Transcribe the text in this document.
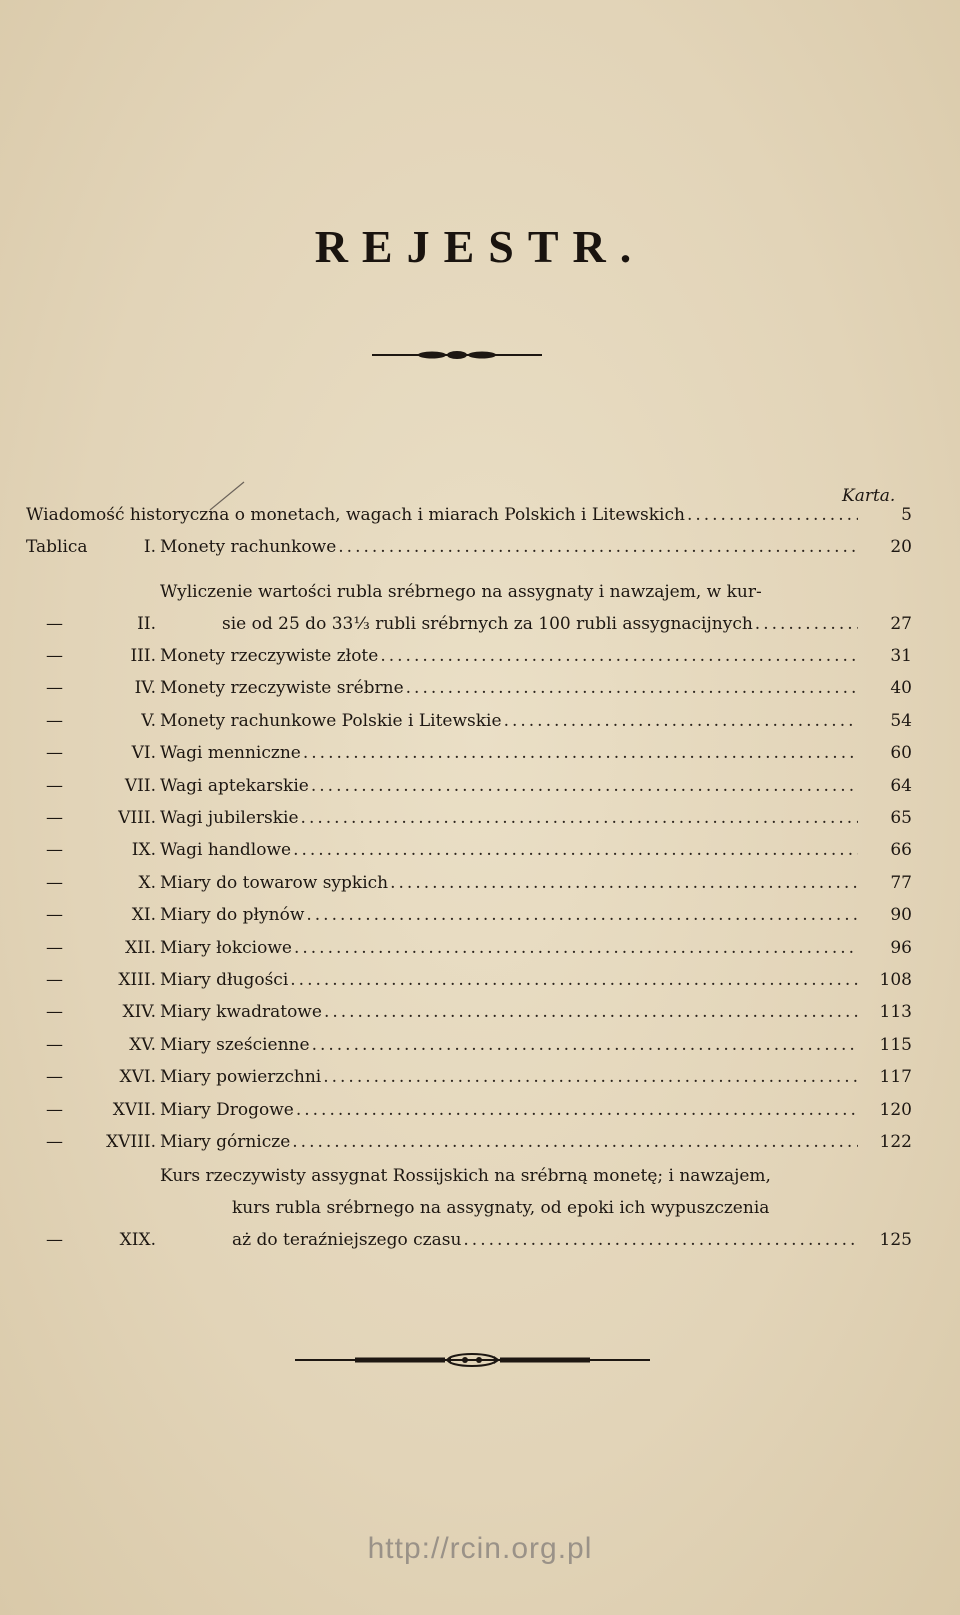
REJESTR.
Karta.
Wiadomość historyczna o monetach, wagach i miarach Polskich i Litewskich .....	5
Tablica	I. Monety rachunkowe .....	20
Wyliczenie wartości rubla srébrnego na assygnaty i nawzajem, w kur-
—	II.	sie od 25 do 33⅓ rubli srébrnych za 100 rubli assygnacijnych .....	27
—	III. Monety rzeczywiste złote .....	31
—	IV. Monety rzeczywiste srébrne .....	40
—	V. Monety rachunkowe Polskie i Litewskie .....	54
—	VI. Wagi menniczne .....	60
—	VII. Wagi aptekarskie .....	64
—	VIII. Wagi jubilerskie .....	65
—	IX. Wagi handlowe .....	66
—	X. Miary do towarow sypkich .....	77
—	XI. Miary do płynów .....	90
—	XII. Miary łokciowe .....	96
—	XIII. Miary długości .....	108
—	XIV. Miary kwadratowe .....	113
—	XV. Miary sześcienne .....	115
—	XVI. Miary powierzchni .....	117
—	XVII. Miary Drogowe .....	120
—	XVIII. Miary górnicze .....	122
Kurs rzeczywisty assygnat Rossijskich na srébrną monetę; i nawzajem,
kurs rubla srébrnego na assygnaty, od epoki ich wypuszczenia
—	XIX.	aż do teraźniejszego czasu .....	125
http://rcin.org.pl
